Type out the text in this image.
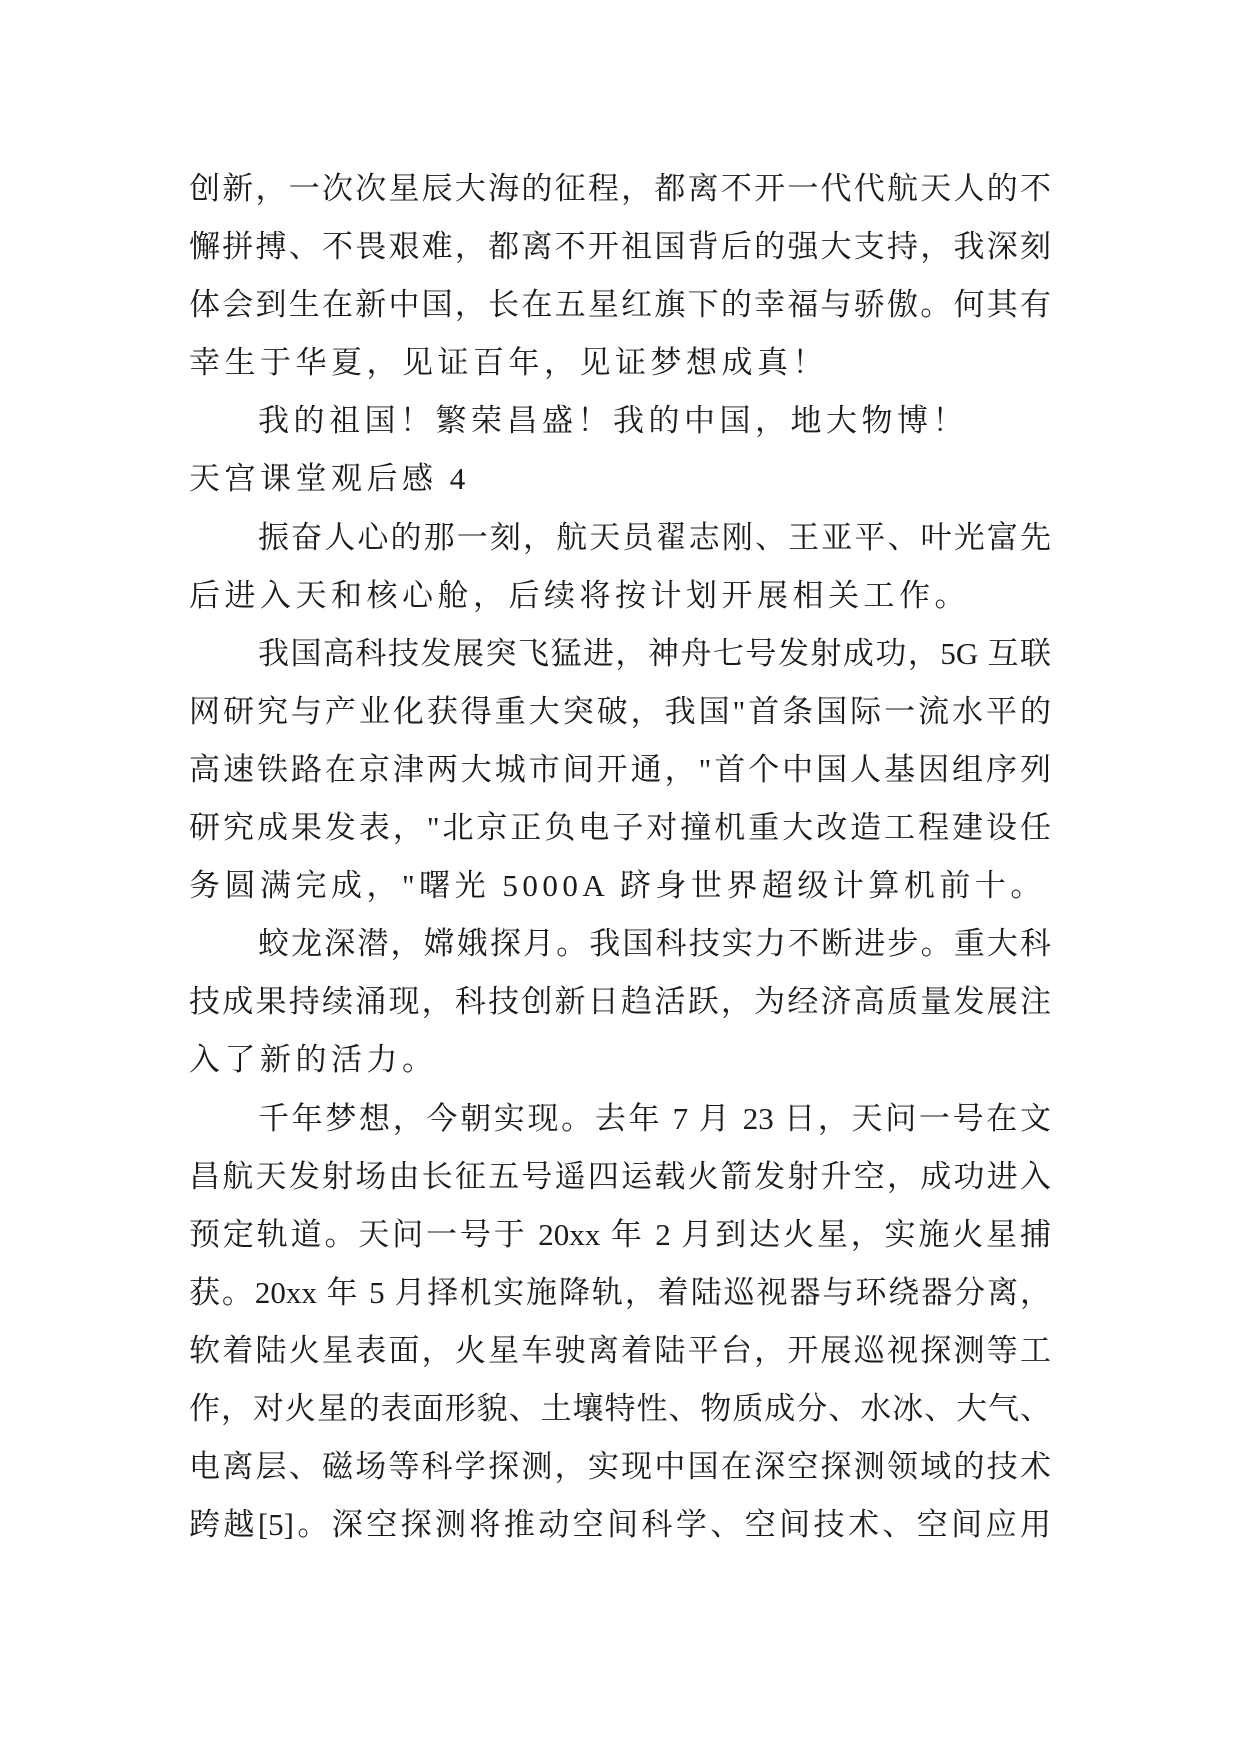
创新，一次次星辰大海的征程，都离不开一代代航天人的不
懈拼搏、不畏艰难，都离不开祖国背后的强大支持，我深刻
体会到生在新中国，长在五星红旗下的幸福与骄傲。何其有
幸生于华夏，见证百年，见证梦想成真！
我的祖国！繁荣昌盛！我的中国，地大物博！
天宫课堂观后感 4
振奋人心的那一刻，航天员翟志刚、王亚平、叶光富先
后进入天和核心舱，后续将按计划开展相关工作。
我国高科技发展突飞猛进，神舟七号发射成功，5G 互联
网研究与产业化获得重大突破，我国"首条国际一流水平的
高速铁路在京津两大城市间开通，"首个中国人基因组序列
研究成果发表，"北京正负电子对撞机重大改造工程建设任
务圆满完成，"曙光 5000A 跻身世界超级计算机前十。
蛟龙深潜，嫦娥探月。我国科技实力不断进步。重大科
技成果持续涌现，科技创新日趋活跃，为经济高质量发展注
入了新的活力。
千年梦想，今朝实现。去年 7 月 23 日，天问一号在文
昌航天发射场由长征五号遥四运载火箭发射升空，成功进入
预定轨道。天问一号于 20xx 年 2 月到达火星，实施火星捕
获。20xx 年 5 月择机实施降轨，着陆巡视器与环绕器分离，
软着陆火星表面，火星车驶离着陆平台，开展巡视探测等工
作，对火星的表面形貌、土壤特性、物质成分、水冰、大气、
电离层、磁场等科学探测，实现中国在深空探测领域的技术
跨越[5]。深空探测将推动空间科学、空间技术、空间应用
